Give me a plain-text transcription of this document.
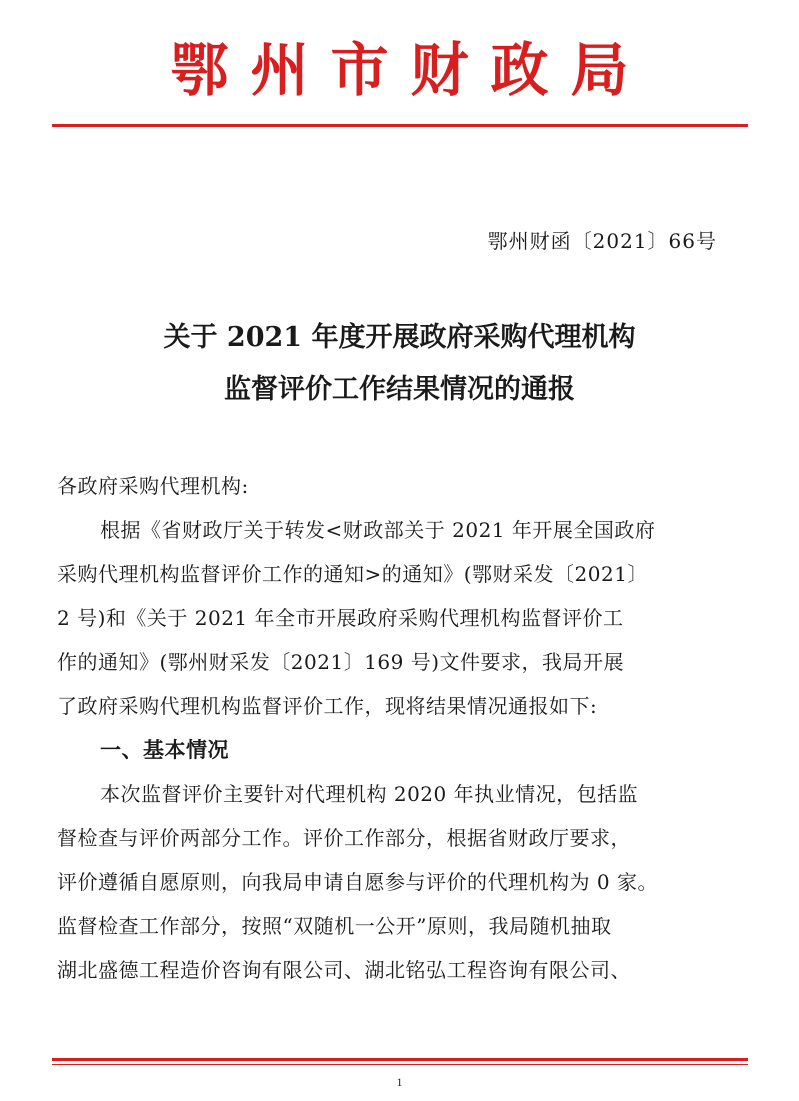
鄂州市财政局
鄂州财函〔2021〕66号
关于 2021 年度开展政府采购代理机构
监督评价工作结果情况的通报
各政府采购代理机构:
根据《省财政厅关于转发<财政部关于 2021 年开展全国政府
采购代理机构监督评价工作的通知>的通知》(鄂财采发〔2021〕
2 号)和《关于 2021 年全市开展政府采购代理机构监督评价工
作的通知》(鄂州财采发〔2021〕169 号)文件要求，我局开展
了政府采购代理机构监督评价工作，现将结果情况通报如下:
一、基本情况
本次监督评价主要针对代理机构 2020 年执业情况，包括监
督检查与评价两部分工作。评价工作部分，根据省财政厅要求，
评价遵循自愿原则，向我局申请自愿参与评价的代理机构为 0 家。
监督检查工作部分，按照“双随机一公开”原则，我局随机抽取
湖北盛德工程造价咨询有限公司、湖北铭弘工程咨询有限公司、
1
